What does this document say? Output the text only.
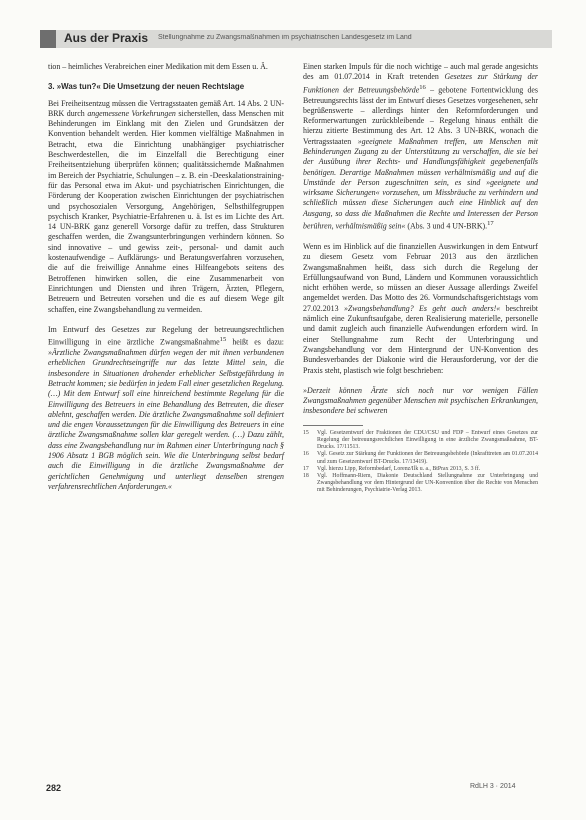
Aus der Praxis Stellungnahme zu Zwangsmaßnahmen im psychiatrischen Landesgesetz im Land

tion – heimliches Verabreichen einer Medikation mit dem Essen u. Ä.

3. »Was tun?« Die Umsetzung der neuen Rechtslage

Bei Freiheitsentzug müssen die Vertragsstaaten gemäß Art. 14 Abs. 2 UN-BRK durch angemessene Vorkehrungen sicherstellen, dass Menschen mit Behinderungen im Einklang mit den Zielen und Grundsätzen der Konvention behandelt werden. Hier kommen vielfältige Maßnahmen in Betracht, etwa die Einrichtung unabhängiger psychiatrischer Beschwerdestellen, die im Einzelfall die Berechtigung einer Freiheitsentziehung überprüfen können; qualitätssichernde Maßnahmen im Bereich der Psychiatrie, Schulungen – z. B. ein -Deeskalationstraining- für das Personal etwa im Akut- und psychiatrischen Einrichtungen, die Förderung der Kooperation zwischen Einrichtungen der psychiatrischen und psychosozialen Versorgung, Angehörigen, Selbsthilfegruppen psychisch Kranker, Psychiatrie-Erfahrenen u. ä. Ist es im Lichte des Art. 14 UN-BRK ganz generell Vorsorge dafür zu treffen, dass Strukturen geschaffen werden, die Zwangsunterbringungen verhindern können. So sind innovative – und gewiss zeit-, personal- und damit auch kostenaufwendige – Aufklärungs- und Beratungsverfahren vorzusehen, die auf die freiwillige Annahme eines Hilfeangebots seitens des Betroffenen hinwirken sollen, die eine Zusammenarbeit von Einrichtungen und Diensten und ihren Trägern, Ärzten, Pflegern, Betreuern und Betreuten vorsehen und die es auf diesem Wege gilt schaffen, eine Zwangsbehandlung zu vermeiden.

Im Entwurf des Gesetzes zur Regelung der betreuungsrechtlichen Einwilligung in eine ärztliche Zwangsmaßnahme$^{15}$ heißt es dazu: »Ärztliche Zwangsmaßnahmen dürfen wegen der mit ihnen verbundenen erheblichen Grundrechtseingriffe nur das letzte Mittel sein, die insbesondere in Situationen drohender erheblicher Selbstgefährdung in Betracht kommen; sie bedürfen in jedem Fall einer gesetzlichen Regelung. (…) Mit dem Entwurf soll eine hinreichend bestimmte Regelung für die Einwilligung des Betreuers in eine Behandlung des Betreuten, die dieser ablehnt, geschaffen werden. Die ärztliche Zwangsmaßnahme soll definiert und die engen Voraussetzungen für die Einwilligung des Betreuers in eine ärztliche Zwangsmaßnahme sollen klar geregelt werden. (…) Dazu zählt, dass eine Zwangsbehandlung nur im Rahmen einer Unterbringung nach § 1906 Absatz 1 BGB möglich sein. Wie die Unterbringung selbst bedarf auch die Einwilligung in die ärztliche Zwangsmaßnahme der gerichtlichen Genehmigung und unterliegt denselben strengen verfahrensrechtlichen Anforderungen.«

Einen starken Impuls für die noch wichtige – auch mal gerade angesichts des am 01.07.2014 in Kraft tretenden Gesetzes zur Stärkung der Funktionen der Betreuungsbehörde$^{16}$ – gebotene Fortentwicklung des Betreuungsrechts lässt der im Entwurf dieses Gesetzes vorgesehenen, sehr begrüßenswerte – allerdings hinter den Reformforderungen und Reformerwartungen zurückbleibende – Regelung hinaus enthält die hierzu zitierte Bestimmung des Art. 12 Abs. 3 UN-BRK, wonach die Vertragsstaaten »geeignete Maßnahmen treffen, um Menschen mit Behinderungen Zugang zu der Unterstützung zu verschaffen, die sie bei der Ausübung ihrer Rechts- und Handlungsfähigkeit gegebenenfalls benötigen. Derartige Maßnahmen müssen verhältnismäßig und auf die Umstände der Person zugeschnitten sein, es sind »geeignete und wirksame Sicherungen« vorzusehen, um Missbräuche zu verhindern und schließlich müssen diese Sicherungen auch eine Hinblick auf den Ausgang, so dass die Maßnahmen die Rechte und Interessen der Person berühren, verhältnismäßig sein« (Abs. 3 und 4 UN-BRK).$^{17}$

Wenn es im Hinblick auf die finanziellen Auswirkungen in dem Entwurf zu diesem Gesetz vom Februar 2013 aus den ärztlichen Zwangsmaßnahmen heißt, dass sich durch die Regelung der Erfüllungsaufwand von Bund, Ländern und Kommunen voraussichtlich nicht erhöhen werde, so müssen an dieser Aussage allerdings Zweifel angemeldet werden. Das Motto des 26. Vormundschaftsgerichtstags vom 27.02.2013 »Zwangsbehandlung? Es geht auch anders!« beschreibt nämlich eine Zukunftsaufgabe, deren Realisierung materielle, personelle und damit zugleich auch finanzielle Aufwendungen erfordern wird. In einer Stellungnahme zum Recht der Unterbringung und Zwangsbehandlung vor dem Hintergrund der UN-Konvention des Bundesverbandes der Diakonie wird die Herausforderung, vor der die Praxis steht, plastisch wie folgt beschrieben:

»Derzeit können Ärzte sich noch nur vor wenigen Fällen Zwangsmaßnahmen gegenüber Menschen mit psychischen Erkrankungen, insbesondere bei schweren

15	Vgl. Gesetzentwurf der Fraktionen der CDU/CSU und FDP – Entwurf eines Gesetzes zur Regelung der betreuungsrechtlichen Einwilligung in eine ärztliche Zwangsmaßnahme, BT-Drucks. 17/11513.
16	Vgl. Gesetz zur Stärkung der Funktionen der Betreuungsbehörde (Inkrafttreten am 01.07.2014 und zum Gesetzentwurf BT-Drucks. 17/13419).
17	Vgl. hierzu Lipp, Reformbedarf, Lorenz/Ilk u. a., BtPrax 2013, S. 3 ff.
18	Vgl. Hoffmann-Riem, Diakonie Deutschland Stellungnahme zur Unterbringung und Zwangsbehandlung vor dem Hintergrund der UN-Konvention über die Rechte von Menschen mit Behinderungen, Psychiatrie-Verlag 2013.
282	RdLH 3 · 2014
